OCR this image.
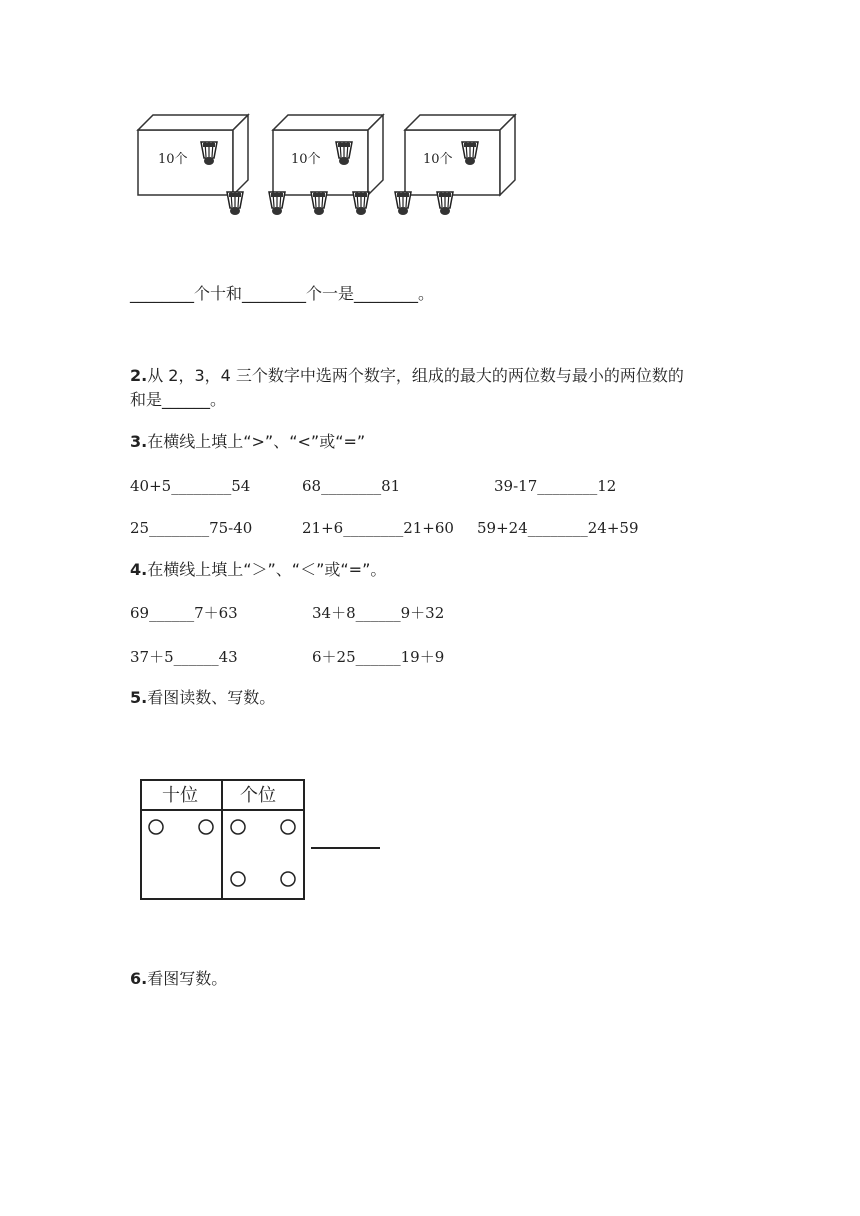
10个	10个	10个
________个十和________个一是________。
2.从 2，3，4 三个数字中选两个数字，组成的最大的两位数与最小的两位数的
和是______。
3.在横线上填上“>”、“<”或“=”
40+5________54	68________81	39-17________12
25________75-40	21+6________21+60 59+24________24+59
4.在横线上填上“＞”、“＜”或“=”。
69______7＋63	34＋8______9＋32
37＋5______43	6＋25______19＋9
5.看图读数、写数。
十位 个位
6.看图写数。
